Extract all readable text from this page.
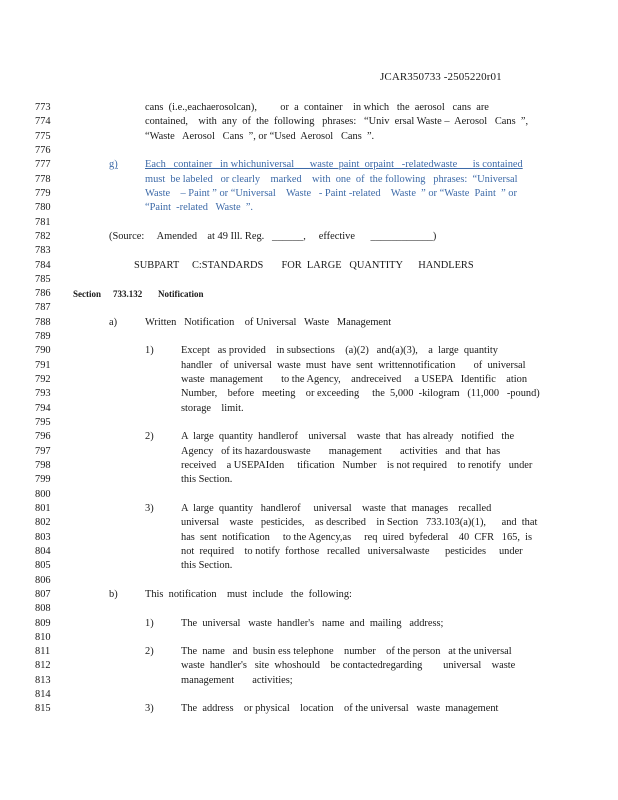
JCAR350733 -2505220r01
773	cans  (i.e.,eachaerosolcan),         or  a  container    in which   the  aerosol   cans  are
774	contained,    with  any  of  the  following   phrases:   “Univ  ersal Waste –  Aerosol   Cans  ”,
775	“Waste   Aerosol   Cans  ”, or “Used  Aerosol   Cans  ”.
776
777	g)	Each   container   in whichuniversal      waste  paint  orpaint   -relatedwaste      is contained
778	must  be labeled   or clearly    marked    with  one  of  the following   phrases:  “Universal
779	Waste    – Paint ” or “Universal    Waste   - Paint -related    Waste  ” or “Waste  Paint  ” or
780	“Paint  -related   Waste  ”.
781
782	(Source:     Amended    at 49 Ill. Reg.   ______,     effective      ____________)
783
784	SUBPART     C:STANDARDS       FOR  LARGE   QUANTITY      HANDLERS
785
786	Section 733.132 Notification
787
788	a)	Written   Notification    of Universal   Waste   Management
789
790	1)	Except   as provided    in subsections    (a)(2)   and(a)(3),    a  large  quantity
791	handler   of  universal  waste  must  have  sent  writtennotification       of  universal
792	waste  management       to the Agency,    andreceived     a USEPA   Identific    ation
793	Number,    before   meeting    or exceeding     the  5,000  -kilogram   (11,000   -pound)
794	storage    limit.
795
796	2)	A  large  quantity  handlerof    universal    waste  that  has already   notified   the
797	Agency   of its hazardouswaste       management       activities   and  that  has
798	received    a USEPAIden     tification   Number    is not required    to renotify   under
799	this Section.
800
801	3)	A  large  quantity   handlerof     universal    waste  that  manages    recalled
802	universal    waste   pesticides,    as described    in Section   733.103(a)(1),      and  that
803	has  sent  notification     to the Agency,as     req  uired  byfederal    40  CFR   165,  is
804	not  required    to notify  forthose   recalled   universalwaste      pesticides     under
805	this Section.
806
807	b)	This  notification    must  include   the  following:
808
809	1)	The  universal   waste  handler's   name  and  mailing   address;
810
811	2)	The  name   and  busin ess telephone    number    of the person   at the universal
812	waste  handler's   site  whoshould    be contactedregarding        universal    waste
813	management       activities;
814
815	3)	The  address    or physical    location    of the universal   waste  management
